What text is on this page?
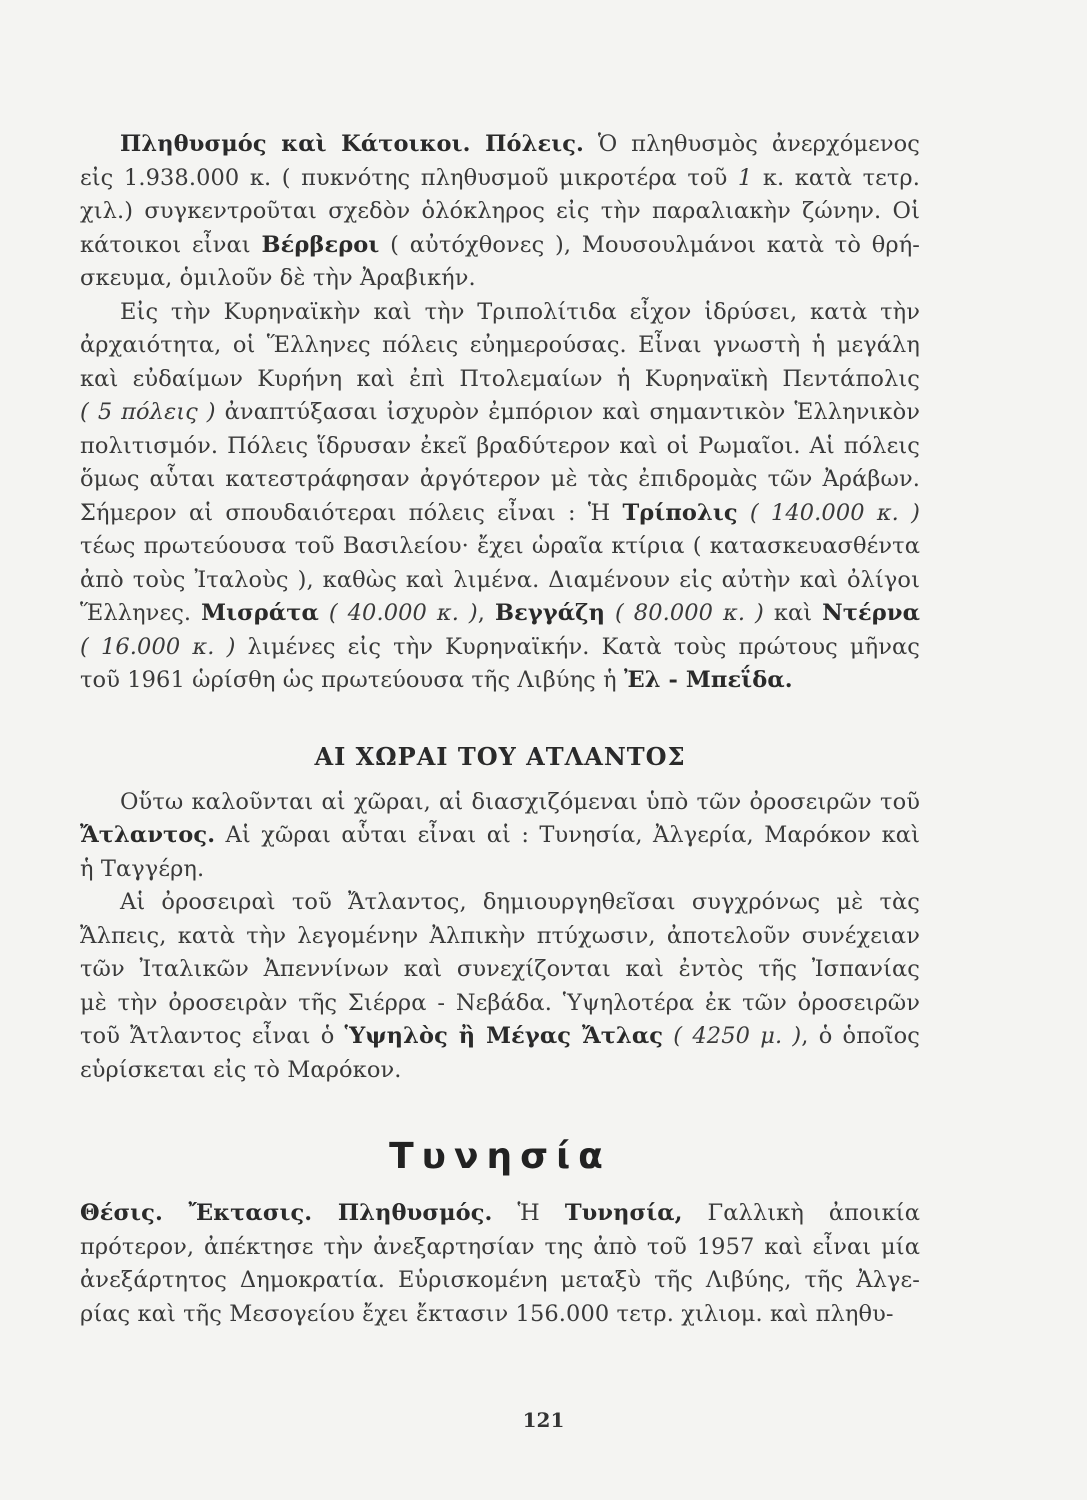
Πληθυσμός καὶ Κάτοικοι. Πόλεις. Ὁ πληθυσμὸς ἀνερχόμενος
εἰς 1.938.000 κ. ( πυκνότης πληθυσμοῦ μικροτέρα τοῦ 1 κ. κατὰ τετρ.
χιλ.) συγκεντροῦται σχεδὸν ὁλόκληρος εἰς τὴν παραλιακὴν ζώνην. Οἱ
κάτοικοι εἶναι Βέρβεροι ( αὐτόχθονες ), Μουσουλμάνοι κατὰ τὸ θρή-
σκευμα, ὁμιλοῦν δὲ τὴν Ἀραβικήν.
Εἰς τὴν Κυρηναϊκὴν καὶ τὴν Τριπολίτιδα εἶχον ἱδρύσει, κατὰ τὴν
ἀρχαιότητα, οἱ Ἕλληνες πόλεις εὐημερούσας. Εἶναι γνωστὴ ἡ μεγάλη
καὶ εὐδαίμων Κυρήνη καὶ ἐπὶ Πτολεμαίων ἡ Κυρηναϊκὴ Πεντάπολις
( 5 πόλεις ) ἀναπτύξασαι ἰσχυρὸν ἐμπόριον καὶ σημαντικὸν Ἑλληνικὸν
πολιτισμόν. Πόλεις ἵδρυσαν ἐκεῖ βραδύτερον καὶ οἱ Ρωμαῖοι. Αἱ πόλεις
ὅμως αὗται κατεστράφησαν ἀργότερον μὲ τὰς ἐπιδρομὰς τῶν Ἀράβων.
Σήμερον αἱ σπουδαιότεραι πόλεις εἶναι : Ἡ Τρίπολις ( 140.000 κ. )
τέως πρωτεύουσα τοῦ Βασιλείου· ἔχει ὡραῖα κτίρια ( κατασκευασθέντα
ἀπὸ τοὺς Ἰταλοὺς ), καθὼς καὶ λιμένα. Διαμένουν εἰς αὐτὴν καὶ ὀλίγοι
Ἕλληνες. Μισράτα ( 40.000 κ. ), Βεγγάζη ( 80.000 κ. ) καὶ Ντέρνα
( 16.000 κ. ) λιμένες εἰς τὴν Κυρηναϊκήν. Κατὰ τοὺς πρώτους μῆνας
τοῦ 1961 ὡρίσθη ὡς πρωτεύουσα τῆς Λιβύης ἡ Ἐλ - Μπεΐδα.
ΑΙ ΧΩΡΑΙ ΤΟΥ ΑΤΛΑΝΤΟΣ
Οὕτω καλοῦνται αἱ χῶραι, αἱ διασχιζόμεναι ὑπὸ τῶν ὀροσειρῶν τοῦ
Ἄτλαντος. Αἱ χῶραι αὗται εἶναι αἱ : Τυνησία, Ἀλγερία, Μαρόκον καὶ
ἡ Ταγγέρη.
Αἱ ὀροσειραὶ τοῦ Ἄτλαντος, δημιουργηθεῖσαι συγχρόνως μὲ τὰς
Ἄλπεις, κατὰ τὴν λεγομένην Ἀλπικὴν πτύχωσιν, ἀποτελοῦν συνέχειαν
τῶν Ἰταλικῶν Ἀπεννίνων καὶ συνεχίζονται καὶ ἐντὸς τῆς Ἰσπανίας
μὲ τὴν ὀροσειρὰν τῆς Σιέρρα - Νεβάδα. Ὑψηλοτέρα ἐκ τῶν ὀροσειρῶν
τοῦ Ἄτλαντος εἶναι ὁ Ὑψηλὸς ἢ Μέγας Ἄτλας ( 4250 μ. ), ὁ ὁποῖος
εὑρίσκεται εἰς τὸ Μαρόκον.
Τυνησία
Θέσις. Ἔκτασις. Πληθυσμός. Ἡ Τυνησία, Γαλλικὴ ἀποικία
πρότερον, ἀπέκτησε τὴν ἀνεξαρτησίαν της ἀπὸ τοῦ 1957 καὶ εἶναι μία
ἀνεξάρτητος Δημοκρατία. Εὑρισκομένη μεταξὺ τῆς Λιβύης, τῆς Ἀλγε-
ρίας καὶ τῆς Μεσογείου ἔχει ἔκτασιν 156.000 τετρ. χιλιομ. καὶ πληθυ-
121
